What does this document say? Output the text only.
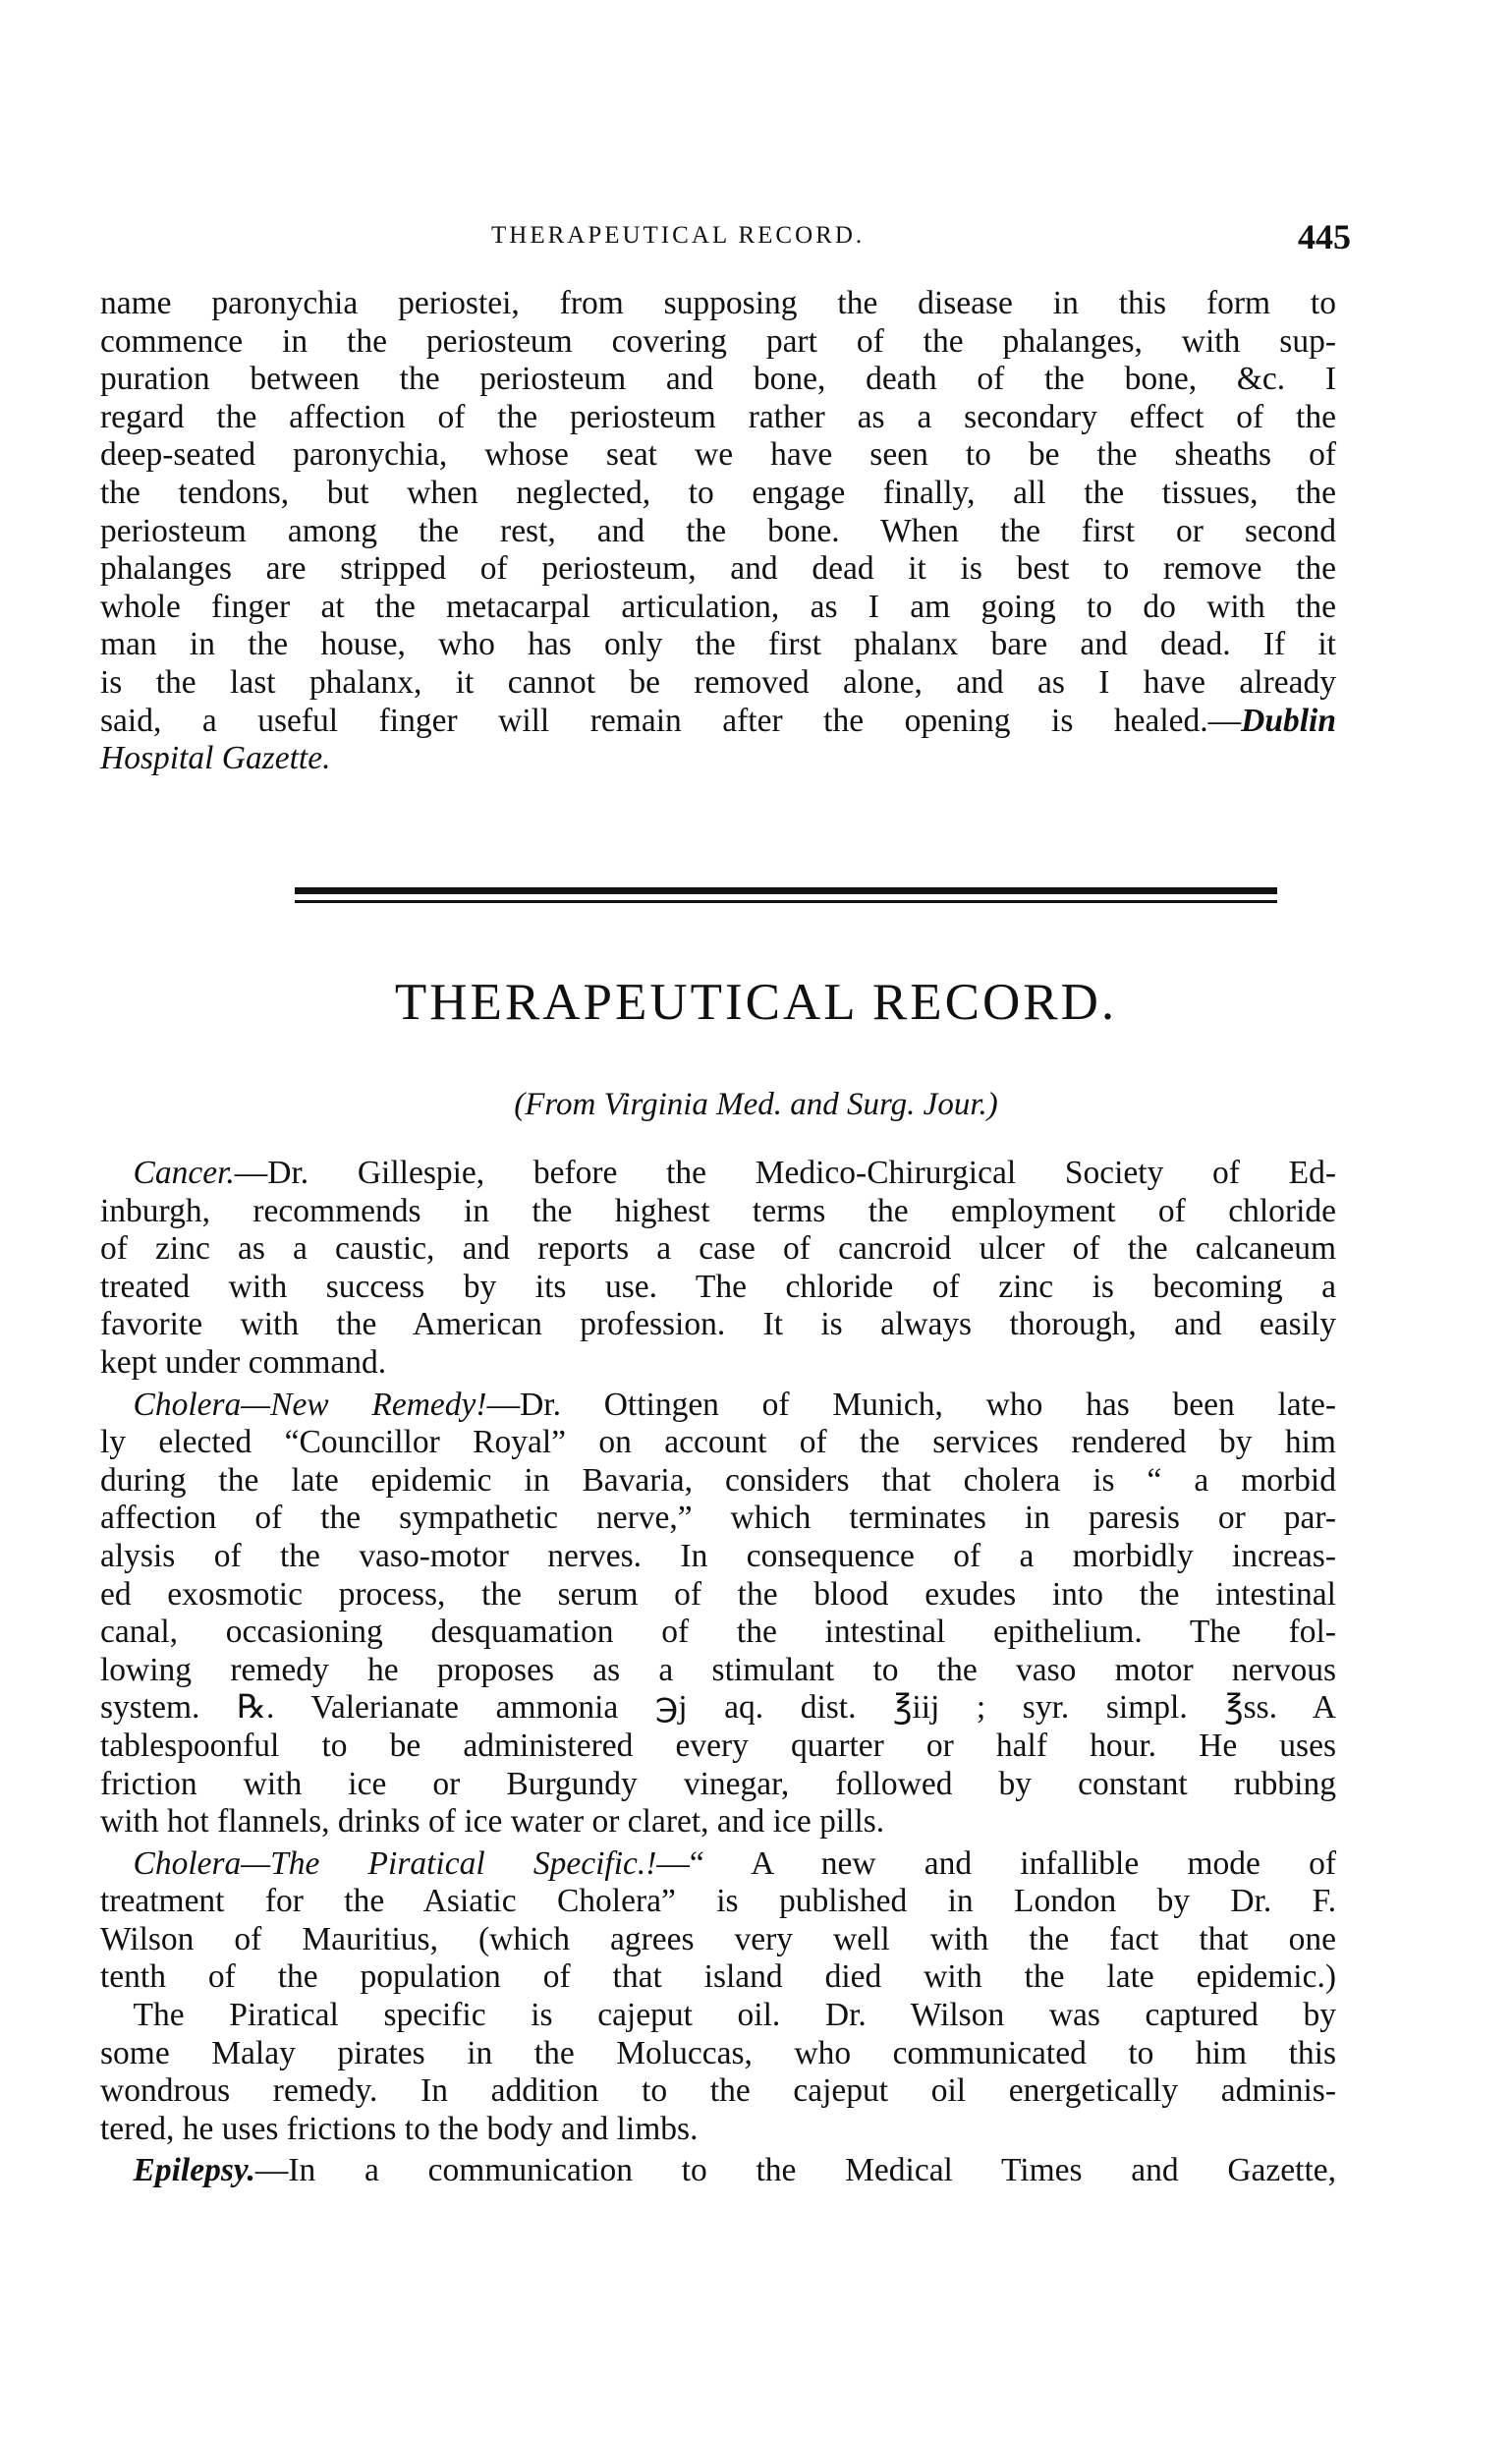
THERAPEUTICAL RECORD.	445
name paronychia periostei, from supposing the disease in this form to
commence in the periosteum covering part of the phalanges, with sup-
puration between the periosteum and bone, death of the bone, &c. I
regard the affection of the periosteum rather as a secondary effect of the
deep-seated paronychia, whose seat we have seen to be the sheaths of
the tendons, but when neglected, to engage finally, all the tissues, the
periosteum among the rest, and the bone. When the first or second
phalanges are stripped of periosteum, and dead it is best to remove the
whole finger at the metacarpal articulation, as I am going to do with the
man in the house, who has only the first phalanx bare and dead. If it
is the last phalanx, it cannot be removed alone, and as I have already
said, a useful finger will remain after the opening is healed.—Dublin
Hospital Gazette.
THERAPEUTICAL RECORD.
(From Virginia Med. and Surg. Jour.)
 Cancer.—Dr. Gillespie, before the Medico-Chirurgical Society of Ed-
inburgh, recommends in the highest terms the employment of chloride
of zinc as a caustic, and reports a case of cancroid ulcer of the calcaneum
treated with success by its use. The chloride of zinc is becoming a
favorite with the American profession. It is always thorough, and easily
kept under command.
 Cholera—New Remedy!—Dr. Ottingen of Munich, who has been late-
ly elected “Councillor Royal” on account of the services rendered by him
during the late epidemic in Bavaria, considers that cholera is “ a morbid
affection of the sympathetic nerve,” which terminates in paresis or par-
alysis of the vaso-motor nerves. In consequence of a morbidly increas-
ed exosmotic process, the serum of the blood exudes into the intestinal
canal, occasioning desquamation of the intestinal epithelium. The fol-
lowing remedy he proposes as a stimulant to the vaso motor nervous
system. ℞. Valerianate ammonia ℈j aq. dist. ℥iij ; syr. simpl. ℥ss. A
tablespoonful to be administered every quarter or half hour. He uses
friction with ice or Burgundy vinegar, followed by constant rubbing
with hot flannels, drinks of ice water or claret, and ice pills.
 Cholera—The Piratical Specific.!—“ A new and infallible mode of
treatment for the Asiatic Cholera” is published in London by Dr. F.
Wilson of Mauritius, (which agrees very well with the fact that one
tenth of the population of that island died with the late epidemic.)
 The Piratical specific is cajeput oil. Dr. Wilson was captured by
some Malay pirates in the Moluccas, who communicated to him this
wondrous remedy. In addition to the cajeput oil energetically adminis-
tered, he uses frictions to the body and limbs.
 Epilepsy.—In a communication to the Medical Times and Gazette,
